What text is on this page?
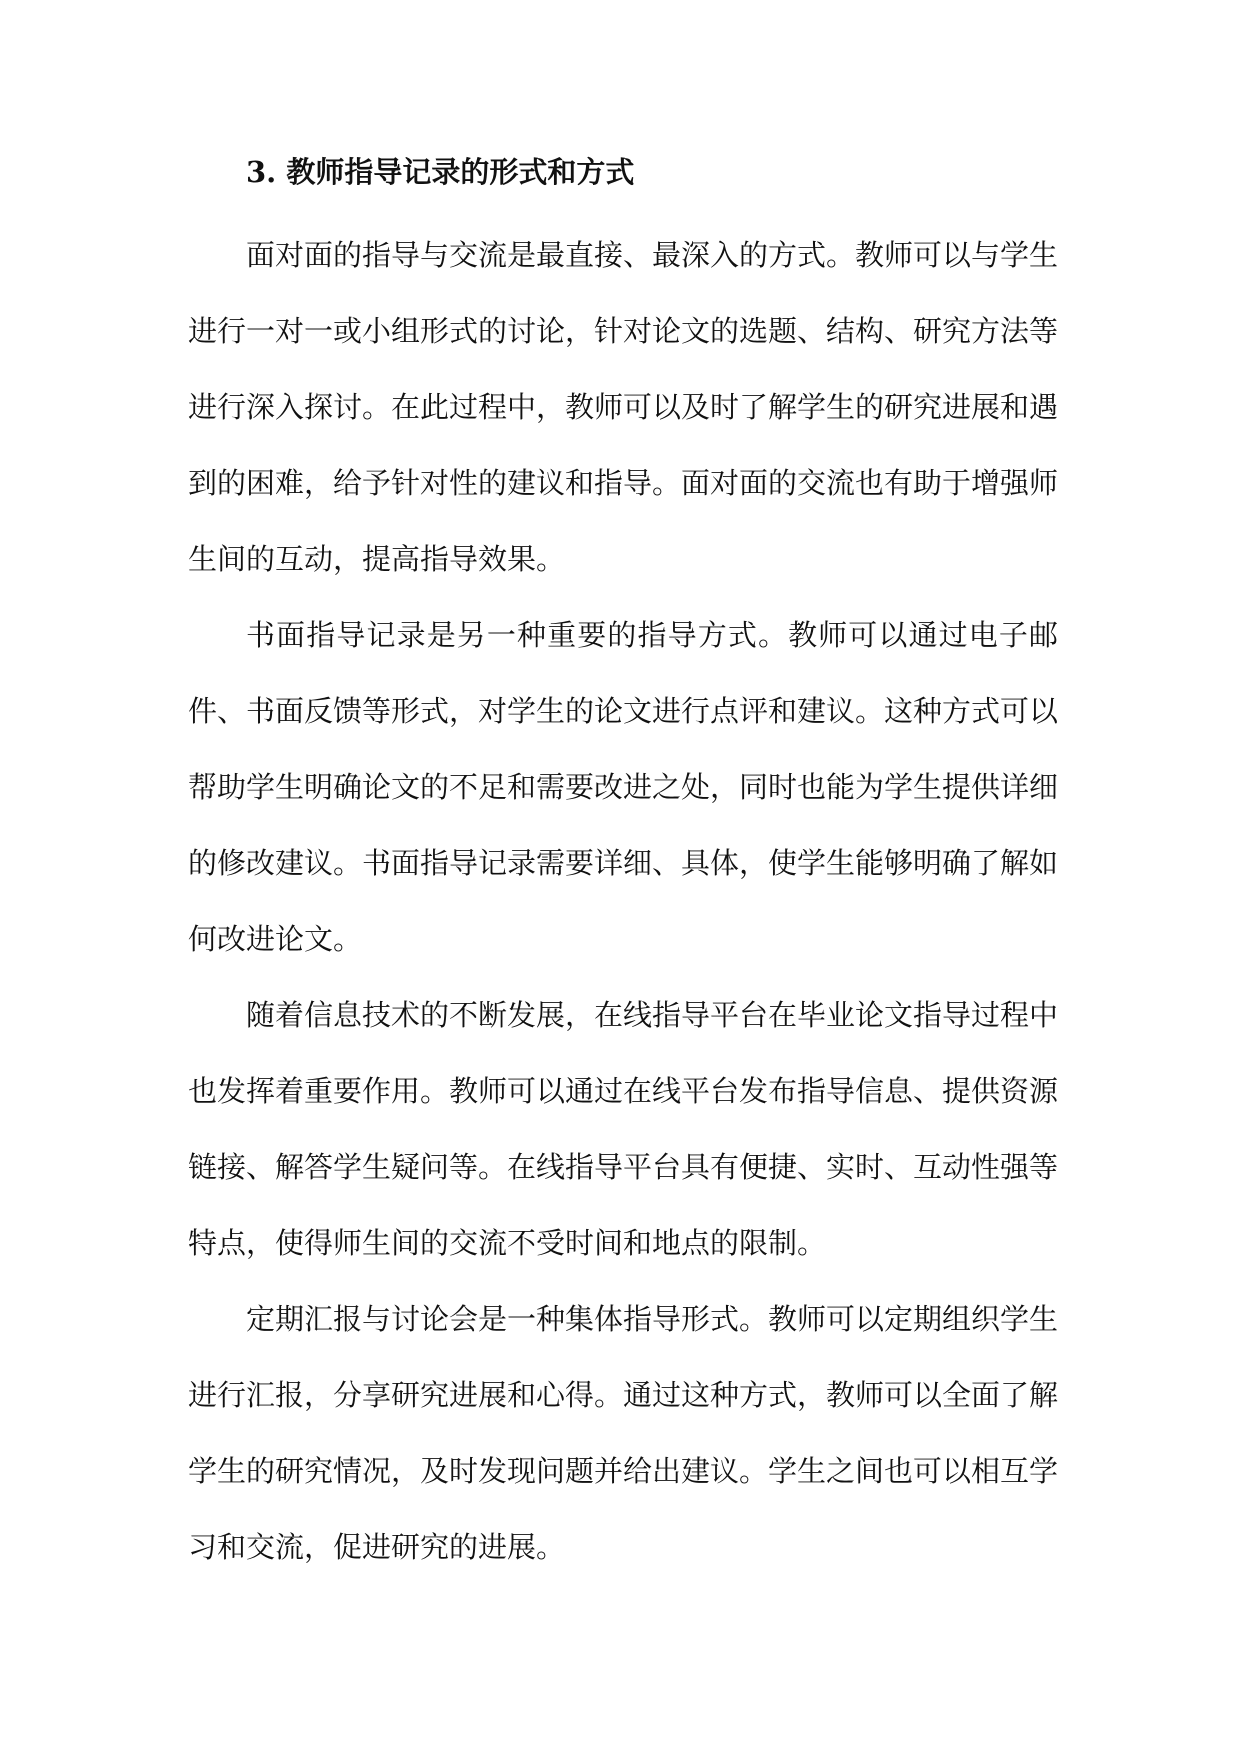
3. 教师指导记录的形式和方式

面对面的指导与交流是最直接、最深入的方式。教师可以与学生进行一对一或小组形式的讨论，针对论文的选题、结构、研究方法等进行深入探讨。在此过程中，教师可以及时了解学生的研究进展和遇到的困难，给予针对性的建议和指导。面对面的交流也有助于增强师生间的互动，提高指导效果。

书面指导记录是另一种重要的指导方式。教师可以通过电子邮件、书面反馈等形式，对学生的论文进行点评和建议。这种方式可以帮助学生明确论文的不足和需要改进之处，同时也能为学生提供详细的修改建议。书面指导记录需要详细、具体，使学生能够明确了解如何改进论文。

随着信息技术的不断发展，在线指导平台在毕业论文指导过程中也发挥着重要作用。教师可以通过在线平台发布指导信息、提供资源链接、解答学生疑问等。在线指导平台具有便捷、实时、互动性强等特点，使得师生间的交流不受时间和地点的限制。

定期汇报与讨论会是一种集体指导形式。教师可以定期组织学生进行汇报，分享研究进展和心得。通过这种方式，教师可以全面了解学生的研究情况，及时发现问题并给出建议。学生之间也可以相互学习和交流，促进研究的进展。
